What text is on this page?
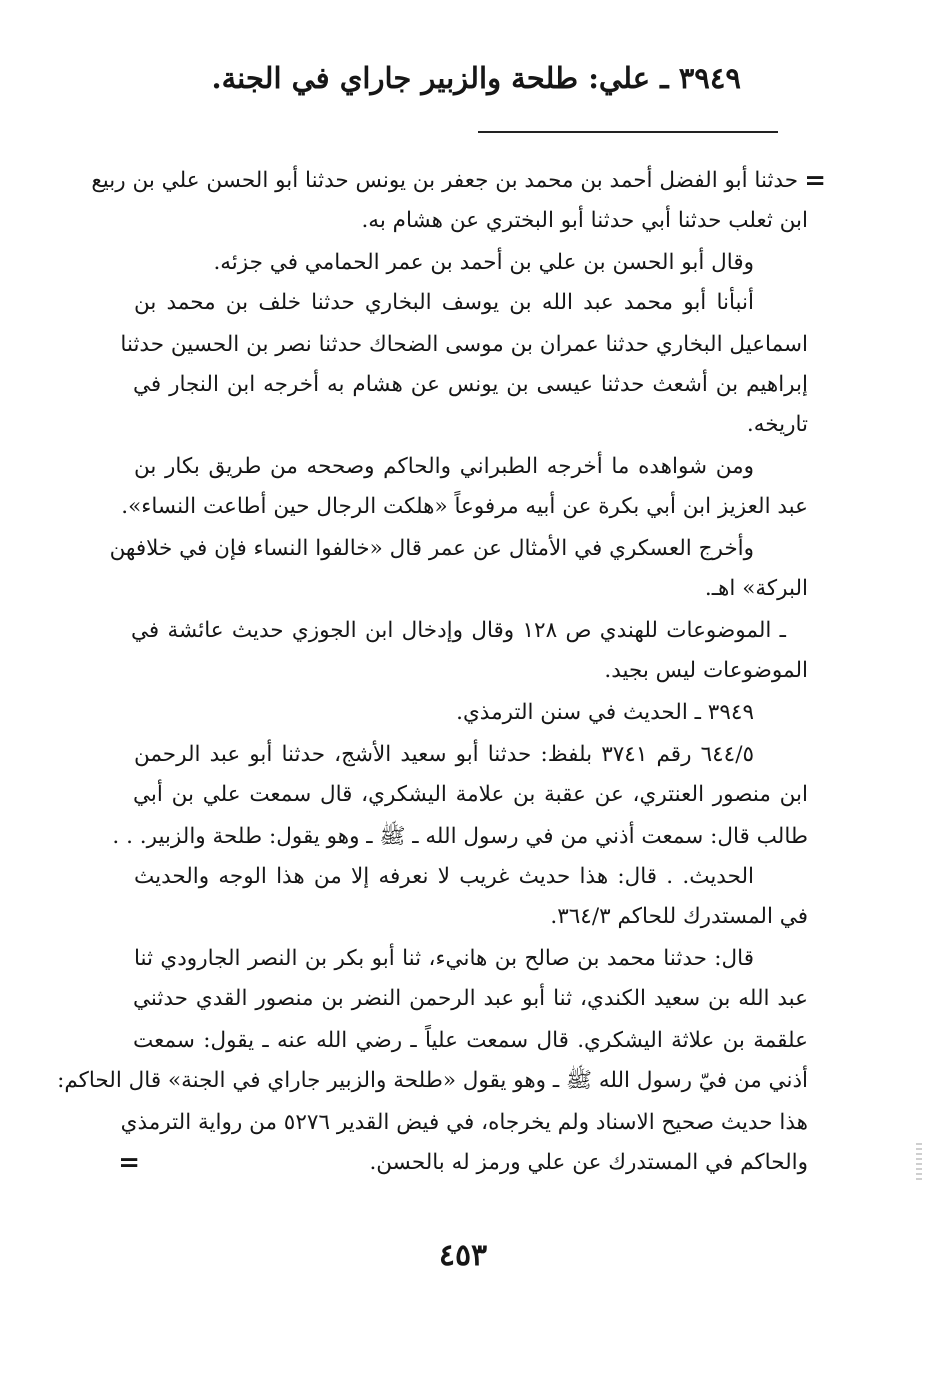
٣٩٤٩ ـ علي: طلحة والزبير جاراي في الجنة.
=
حدثنا أبو الفضل أحمد بن محمد بن جعفر بن يونس حدثنا أبو الحسن علي بن ربيع
ابن ثعلب حدثنا أبي حدثنا أبو البختري عن هشام به.
وقال أبو الحسن بن علي بن أحمد بن عمر الحمامي في جزئه.
أنبأنا أبو محمد عبد الله بن يوسف البخاري حدثنا خلف بن محمد بن
اسماعيل البخاري حدثنا عمران بن موسى الضحاك حدثنا نصر بن الحسين حدثنا
إبراهيم بن أشعث حدثنا عيسى بن يونس عن هشام به أخرجه ابن النجار في
تاريخه.
ومن شواهده ما أخرجه الطبراني والحاكم وصححه من طريق بكار بن
عبد العزيز ابن أبي بكرة عن أبيه مرفوعاً «هلكت الرجال حين أطاعت النساء».
وأخرج العسكري في الأمثال عن عمر قال «خالفوا النساء فإن في خلافهن
البركة» اهـ.
ـ الموضوعات للهندي ص ١٢٨ وقال وإدخال ابن الجوزي حديث عائشة في
الموضوعات ليس بجيد.
٣٩٤٩ ـ الحديث في سنن الترمذي.
٦٤٤/٥ رقم ٣٧٤١ بلفظ: حدثنا أبو سعيد الأشج، حدثنا أبو عبد الرحمن
ابن منصور العنتري، عن عقبة بن علامة اليشكري، قال سمعت علي بن أبي
طالب قال: سمعت أذني من في رسول الله ـ ﷺ ـ وهو يقول: طلحة والزبير. . .
الحديث. . قال: هذا حديث غريب لا نعرفه إلا من هذا الوجه والحديث
في المستدرك للحاكم ٣٦٤/٣.
قال: حدثنا محمد بن صالح بن هانيء، ثنا أبو بكر بن النصر الجارودي ثنا
عبد الله بن سعيد الكندي، ثنا أبو عبد الرحمن النضر بن منصور القدي حدثني
علقمة بن علاثة اليشكري. قال سمعت علياً ـ رضي الله عنه ـ يقول: سمعت
أذني من فيّ رسول الله ﷺ ـ وهو يقول «طلحة والزبير جاراي في الجنة» قال الحاكم:
هذا حديث صحيح الاسناد ولم يخرجاه، في فيض القدير ٥٢٧٦ من رواية الترمذي
والحاكم في المستدرك عن علي ورمز له بالحسن.
=
٤٥٣
